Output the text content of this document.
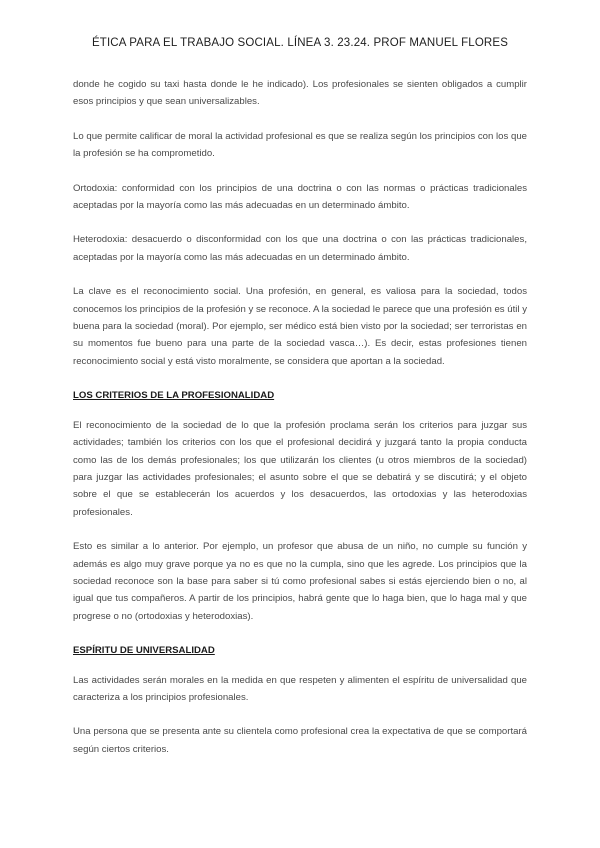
ÉTICA PARA EL TRABAJO SOCIAL. LÍNEA 3. 23.24. PROF MANUEL FLORES

donde he cogido su taxi hasta donde le he indicado). Los profesionales se sienten obligados a cumplir esos principios y que sean universalizables.

Lo que permite calificar de moral la actividad profesional es que se realiza según los principios con los que la profesión se ha comprometido.

Ortodoxia: conformidad con los principios de una doctrina o con las normas o prácticas tradicionales aceptadas por la mayoría como las más adecuadas en un determinado ámbito.

Heterodoxia: desacuerdo o disconformidad con los que una doctrina o con las prácticas tradicionales, aceptadas por la mayoría como las más adecuadas en un determinado ámbito.

La clave es el reconocimiento social. Una profesión, en general, es valiosa para la sociedad, todos conocemos los principios de la profesión y se reconoce. A la sociedad le parece que una profesión es útil y buena para la sociedad (moral). Por ejemplo, ser médico está bien visto por la sociedad; ser terroristas en su momentos fue bueno para una parte de la sociedad vasca…). Es decir, estas profesiones tienen reconocimiento social y está visto moralmente, se considera que aportan a la sociedad.

LOS CRITERIOS DE LA PROFESIONALIDAD

El reconocimiento de la sociedad de lo que la profesión proclama serán los criterios para juzgar sus actividades; también los criterios con los que el profesional decidirá y juzgará tanto la propia conducta como las de los demás profesionales; los que utilizarán los clientes (u otros miembros de la sociedad) para juzgar las actividades profesionales; el asunto sobre el que se debatirá y se discutirá; y el objeto sobre el que se establecerán los acuerdos y los desacuerdos, las ortodoxias y las heterodoxias profesionales.

Esto es similar a lo anterior. Por ejemplo, un profesor que abusa de un niño, no cumple su función y además es algo muy grave porque ya no es que no la cumpla, sino que les agrede. Los principios que la sociedad reconoce son la base para saber si tú como profesional sabes si estás ejerciendo bien o no, al igual que tus compañeros. A partir de los principios, habrá gente que lo haga bien, que lo haga mal y que progrese o no (ortodoxias y heterodoxias).

ESPÍRITU DE UNIVERSALIDAD

Las actividades serán morales en la medida en que respeten y alimenten el espíritu de universalidad que caracteriza a los principios profesionales.

Una persona que se presenta ante su clientela como profesional crea la expectativa de que se comportará según ciertos criterios.
